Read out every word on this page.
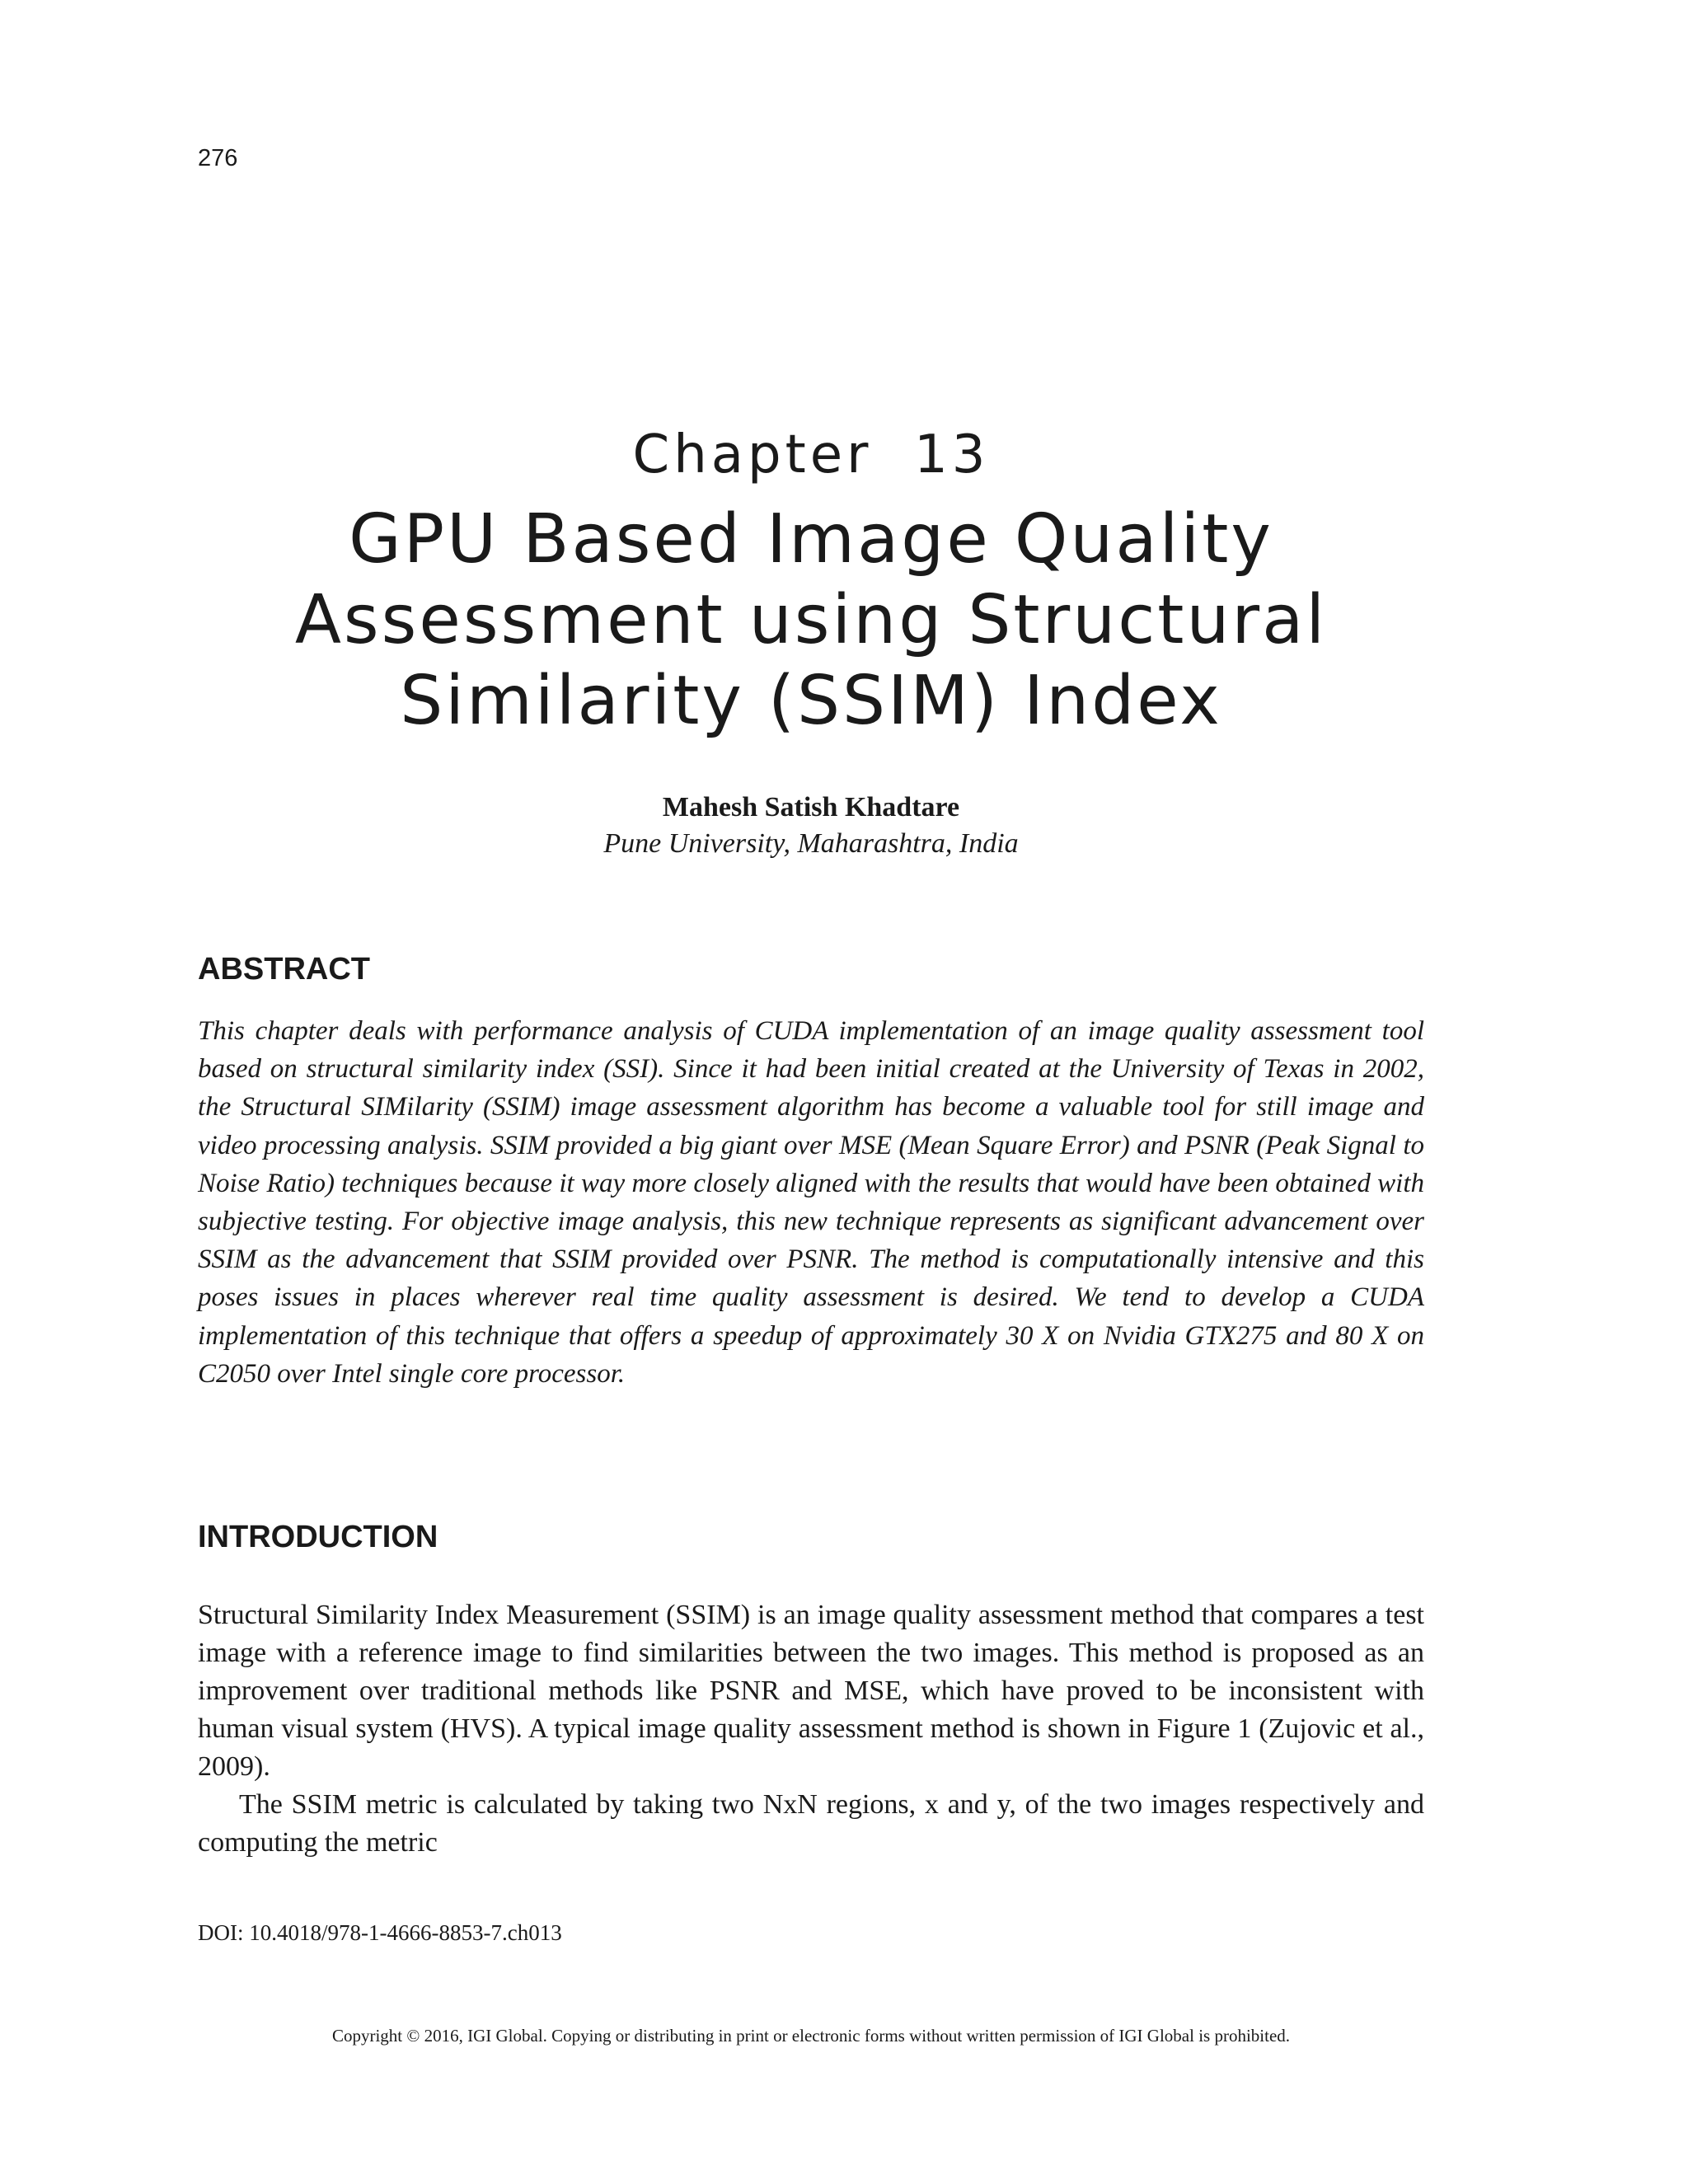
276
Chapter  13
GPU Based Image Quality
Assessment using Structural
Similarity (SSIM) Index
Mahesh Satish Khadtare
Pune University, Maharashtra, India
ABSTRACT

This chapter deals with performance analysis of CUDA implementation of an image quality assessment tool based on structural similarity index (SSI). Since it had been initial created at the University of Texas in 2002, the Structural SIMilarity (SSIM) image assessment algorithm has become a valuable tool for still image and video processing analysis. SSIM provided a big giant over MSE (Mean Square Error) and PSNR (Peak Signal to Noise Ratio) techniques because it way more closely aligned with the results that would have been obtained with subjective testing. For objective image analysis, this new technique represents as significant advancement over SSIM as the advancement that SSIM provided over PSNR. The method is computationally intensive and this poses issues in places wherever real time quality assessment is desired. We tend to develop a CUDA implementation of this technique that offers a speedup of approximately 30 X on Nvidia GTX275 and 80 X on C2050 over Intel single core processor.

INTRODUCTION

Structural Similarity Index Measurement (SSIM) is an image quality assessment method that compares a test image with a reference image to find similarities between the two images. This method is proposed as an improvement over traditional methods like PSNR and MSE, which have proved to be inconsistent with human visual system (HVS). A typical image quality assessment method is shown in Figure 1 (Zujovic et al., 2009).

The SSIM metric is calculated by taking two NxN regions, x and y, of the two images respectively and computing the metric

DOI: 10.4018/978-1-4666-8853-7.ch013
Copyright © 2016, IGI Global. Copying or distributing in print or electronic forms without written permission of IGI Global is prohibited.
